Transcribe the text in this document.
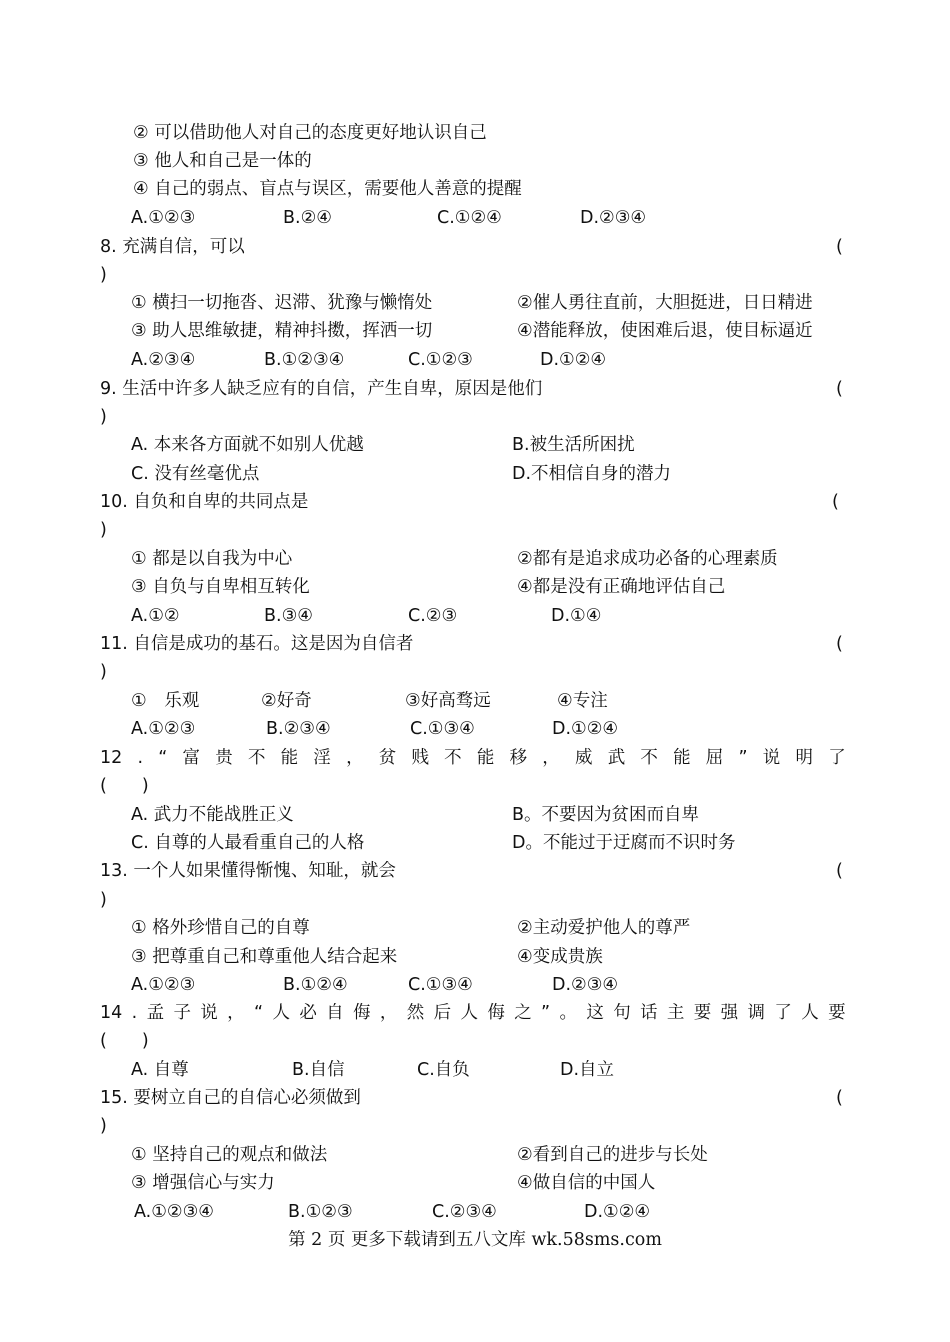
② 可以借助他人对自己的态度更好地认识自己
③ 他人和自己是一体的
④ 自己的弱点、盲点与误区，需要他人善意的提醒
A.①②③	B.②④	C.①②④	D.②③④
8. 充满自信，可以	(
)
① 横扫一切拖沓、迟滞、犹豫与懒惰处	②催人勇往直前，大胆挺进，日日精进
③ 助人思维敏捷，精神抖擞，挥洒一切	④潜能释放，使困难后退，使目标逼近
A.②③④	B.①②③④	C.①②③	D.①②④
9. 生活中许多人缺乏应有的自信，产生自卑，原因是他们	(
)
A. 本来各方面就不如别人优越	B.被生活所困扰
C. 没有丝毫优点	D.不相信自身的潜力
10. 自负和自卑的共同点是	(
)
① 都是以自我为中心	②都有是追求成功必备的心理素质
③ 自负与自卑相互转化	④都是没有正确地评估自己
A.①②	B.③④	C.②③	D.①④
11. 自信是成功的基石。这是因为自信者	(
)
①　乐观	②好奇	③好高骛远	④专注
A.①②③	B.②③④	C.①③④	D.①②④
12 . “ 富 贵 不 能 淫 ， 贫 贱 不 能 移 ， 威 武 不 能 屈 ” 说 明 了
(　　)
A. 武力不能战胜正义	B。不要因为贫困而自卑
C. 自尊的人最看重自己的人格	D。不能过于迂腐而不识时务
13. 一个人如果懂得惭愧、知耻，就会	(
)
① 格外珍惜自己的自尊	②主动爱护他人的尊严
③ 把尊重自己和尊重他人结合起来	④变成贵族
A.①②③	B.①②④	C.①③④	D.②③④
14 . 孟 子 说 ， “ 人 必 自 侮 ， 然 后 人 侮 之 ” 。 这 句 话 主 要 强 调 了 人 要
(　　)
A. 自尊	B.自信	C.自负	D.自立
15. 要树立自己的自信心必须做到	(
)
① 坚持自己的观点和做法	②看到自己的进步与长处
③ 增强信心与实力	④做自信的中国人
A.①②③④	B.①②③	C.②③④	D.①②④
第 2 页 更多下载请到五八文库 wk.58sms.com
